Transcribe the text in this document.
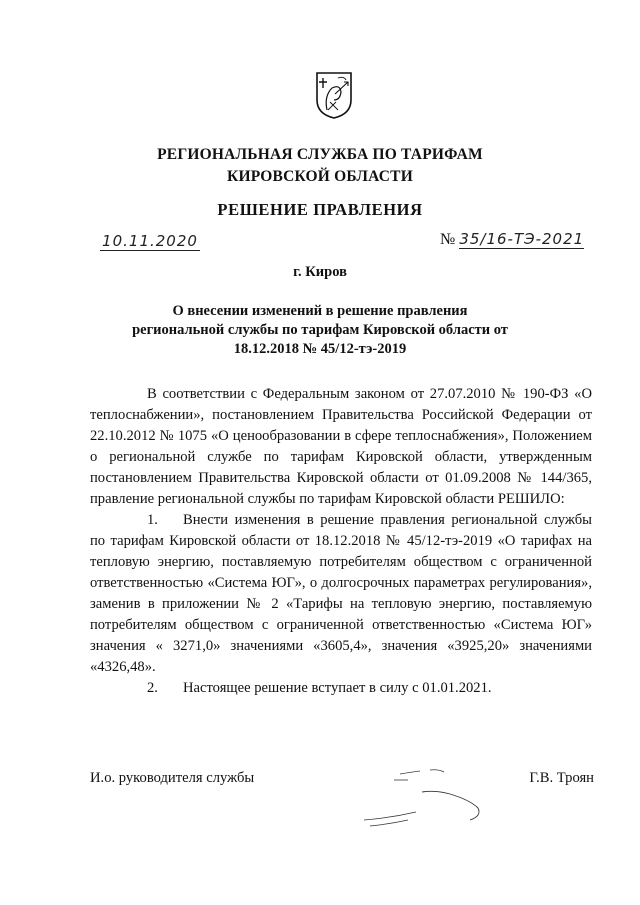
РЕГИОНАЛЬНАЯ СЛУЖБА ПО ТАРИФАМ
КИРОВСКОЙ ОБЛАСТИ
РЕШЕНИЕ ПРАВЛЕНИЯ
10.11.2020	№ 35/16-ТЭ-2021
г. Киров
О внесении изменений в решение правления
региональной службы по тарифам Кировской области от
18.12.2018 № 45/12-тэ-2019

В соответствии с Федеральным законом от 27.07.2010 № 190-ФЗ «О теплоснабжении», постановлением Правительства Российской Федерации от 22.10.2012 № 1075 «О ценообразовании в сфере теплоснабжения», Положением о региональной службе по тарифам Кировской области, утвержденным постановлением Правительства Кировской области от 01.09.2008 № 144/365, правление региональной службы по тарифам Кировской области РЕШИЛО:

1. Внести изменения в решение правления региональной службы по тарифам Кировской области от 18.12.2018 № 45/12-тэ-2019 «О тарифах на тепловую энергию, поставляемую потребителям обществом с ограниченной ответственностью «Система ЮГ», о долгосрочных параметрах регулирования», заменив в приложении № 2 «Тарифы на тепловую энергию, поставляемую потребителям обществом с ограниченной ответственностью «Система ЮГ» значения « 3271,0» значениями «3605,4», значения «3925,20» значениями «4326,48».

2. Настоящее решение вступает в силу с 01.01.2021.

И.о. руководителя службы	Г.В. Троян
